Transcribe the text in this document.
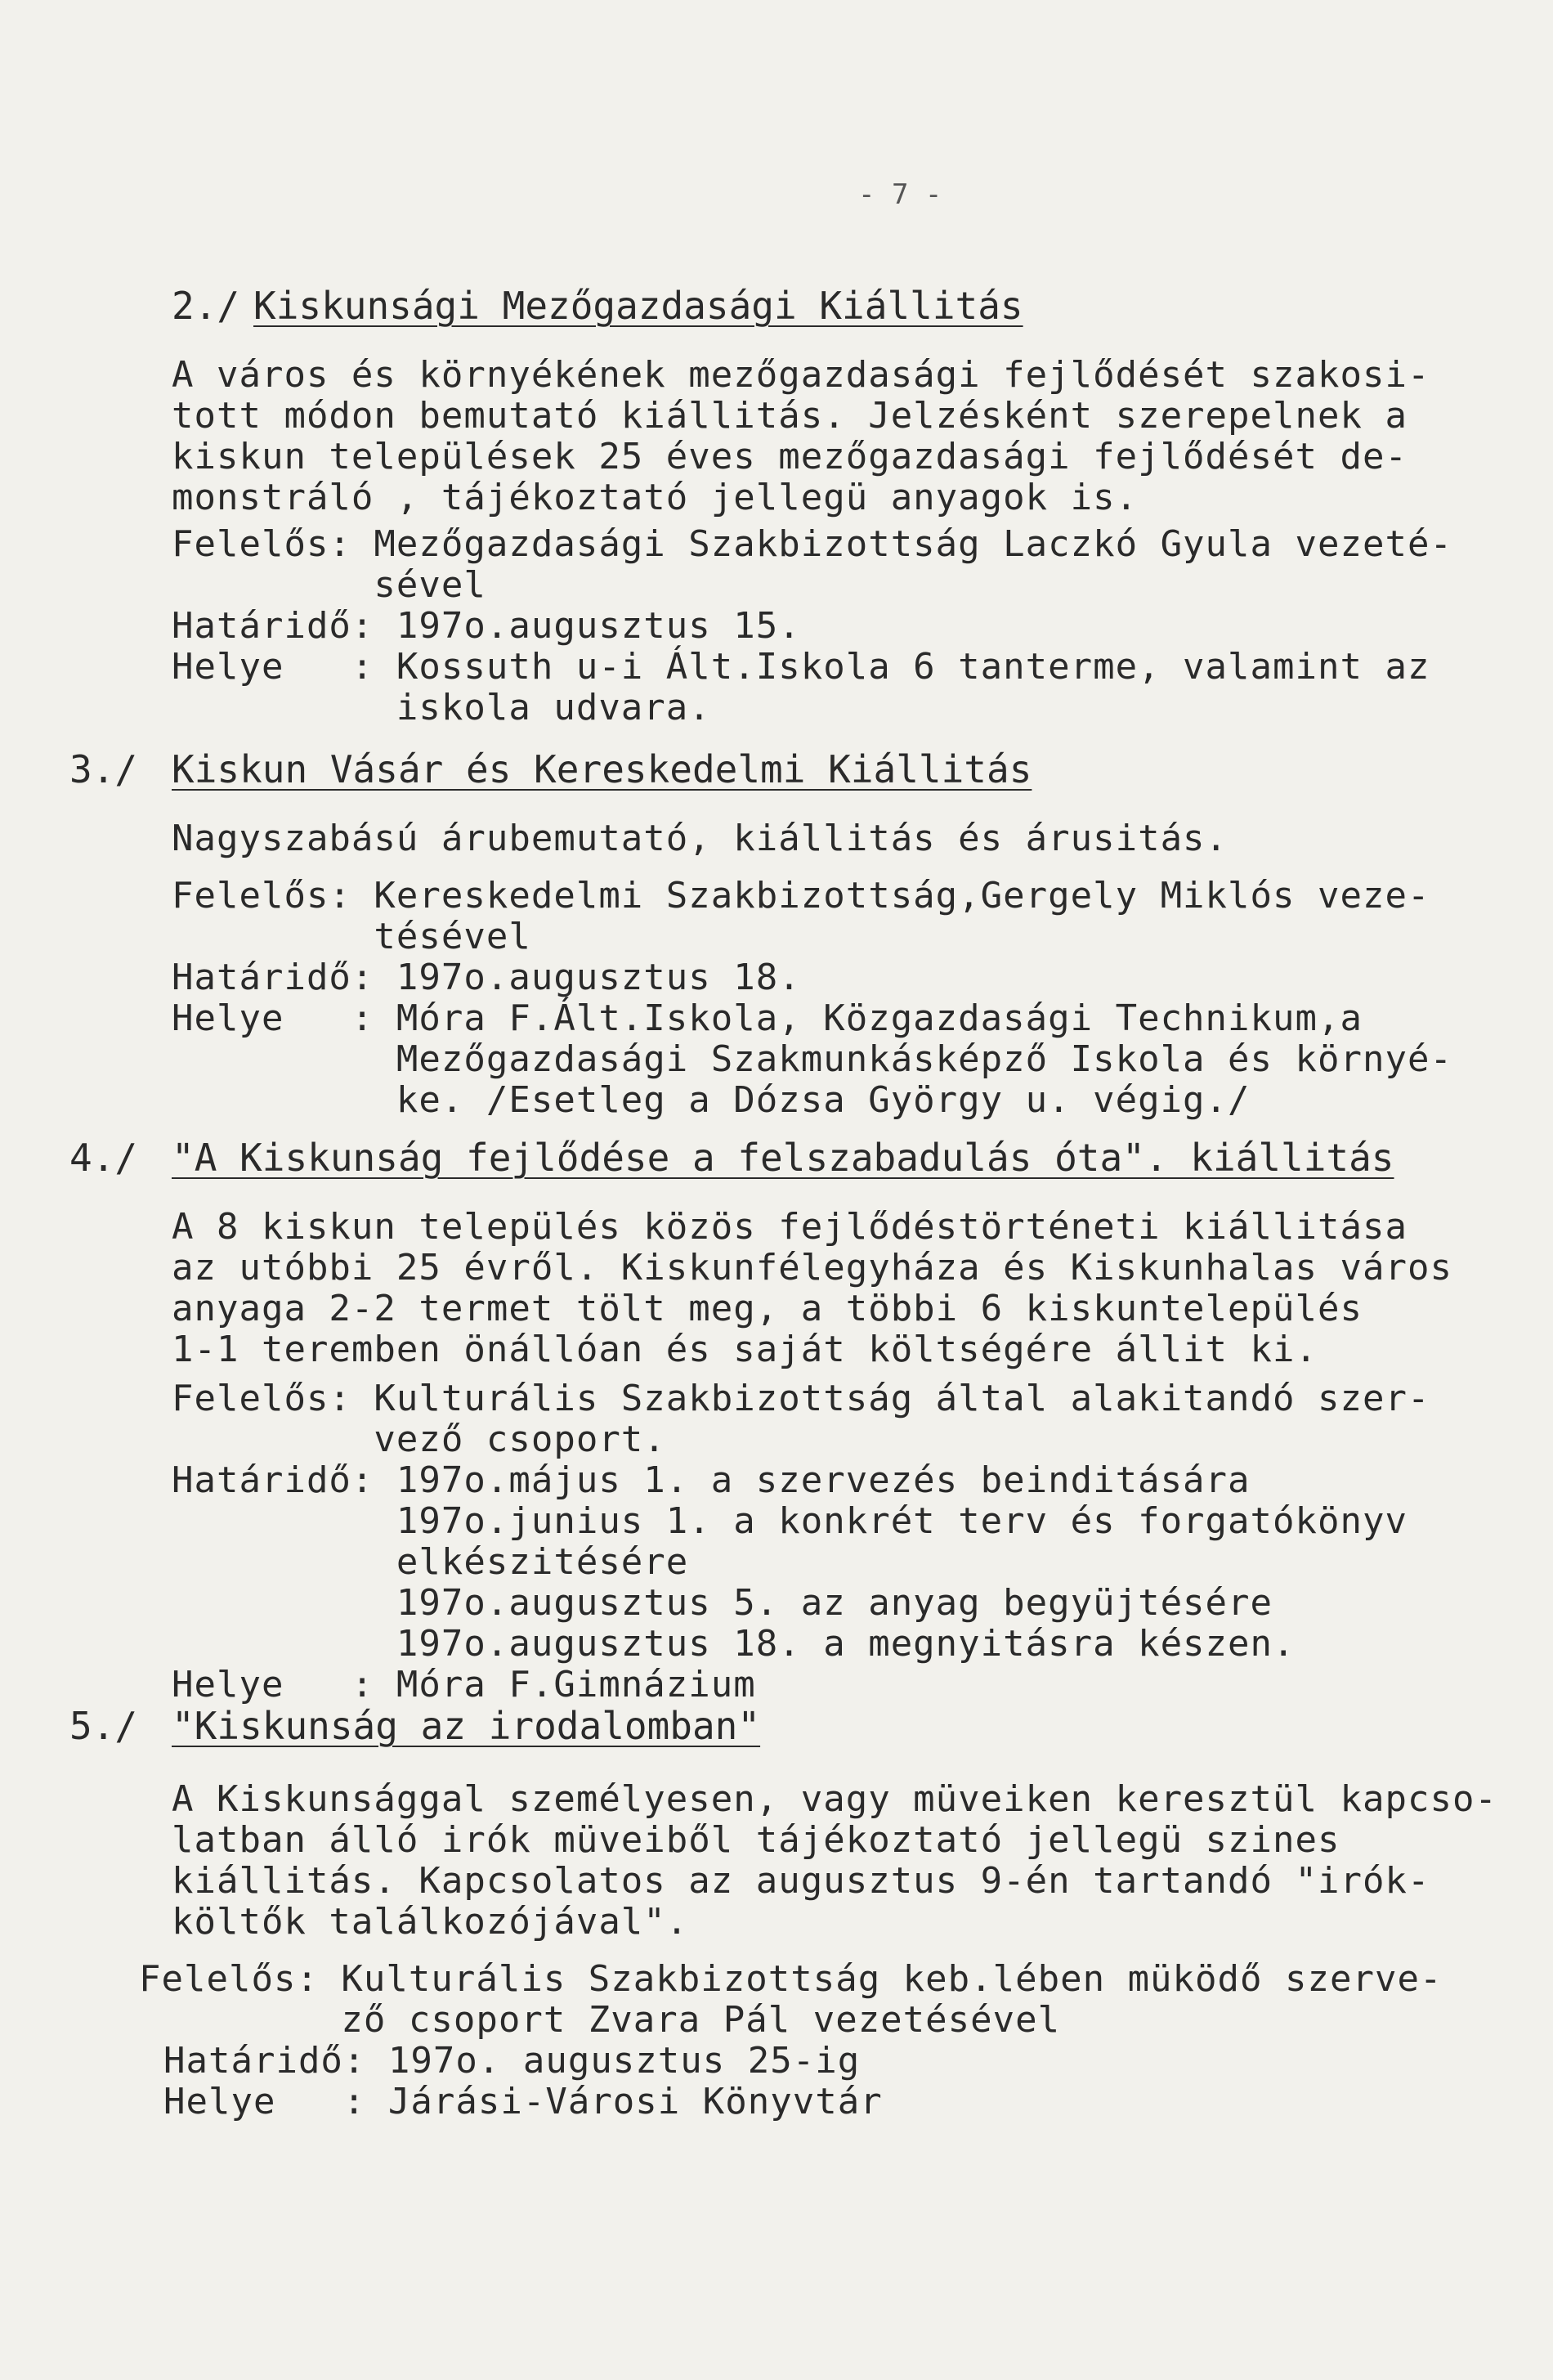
- 7 -
2./ Kiskunsági Mezőgazdasági Kiállitás
A város és környékének mezőgazdasági fejlődését szakosi-
tott módon bemutató kiállitás. Jelzésként szerepelnek a
kiskun települések 25 éves mezőgazdasági fejlődését de-
monstráló , tájékoztató jellegü anyagok is.
Felelős: Mezőgazdasági Szakbizottság Laczkó Gyula vezeté-
sével
Határidő: 197o.augusztus 15.
Helye   : Kossuth u-i Ált.Iskola 6 tanterme, valamint az
iskola udvara.
3./ Kiskun Vásár és Kereskedelmi Kiállitás
Nagyszabású árubemutató, kiállitás és árusitás.
Felelős: Kereskedelmi Szakbizottság,Gergely Miklós veze-
tésével
Határidő: 197o.augusztus 18.
Helye   : Móra F.Ált.Iskola, Közgazdasági Technikum,a
Mezőgazdasági Szakmunkásképző Iskola és környé-
ke. /Esetleg a Dózsa György u. végig./
4./ "A Kiskunság fejlődése a felszabadulás óta". kiállitás
A 8 kiskun település közös fejlődéstörténeti kiállitása
az utóbbi 25 évről. Kiskunfélegyháza és Kiskunhalas város
anyaga 2-2 termet tölt meg, a többi 6 kiskuntelepülés
1-1 teremben önállóan és saját költségére állit ki.
Felelős: Kulturális Szakbizottság által alakitandó szer-
vező csoport.
Határidő: 197o.május 1. a szervezés beinditására
197o.junius 1. a konkrét terv és forgatókönyv
elkészitésére
197o.augusztus 5. az anyag begyüjtésére
197o.augusztus 18. a megnyitásra készen.
Helye   : Móra F.Gimnázium
5./ "Kiskunság az irodalomban"
A Kiskunsággal személyesen, vagy müveiken keresztül kapcso-
latban álló irók müveiből tájékoztató jellegü szines
kiállitás. Kapcsolatos az augusztus 9-én tartandó "irók-
költők találkozójával".
Felelős: Kulturális Szakbizottság keb.lében müködő szerve-
ző csoport Zvara Pál vezetésével
Határidő: 197o. augusztus 25-ig
Helye   : Járási-Városi Könyvtár
